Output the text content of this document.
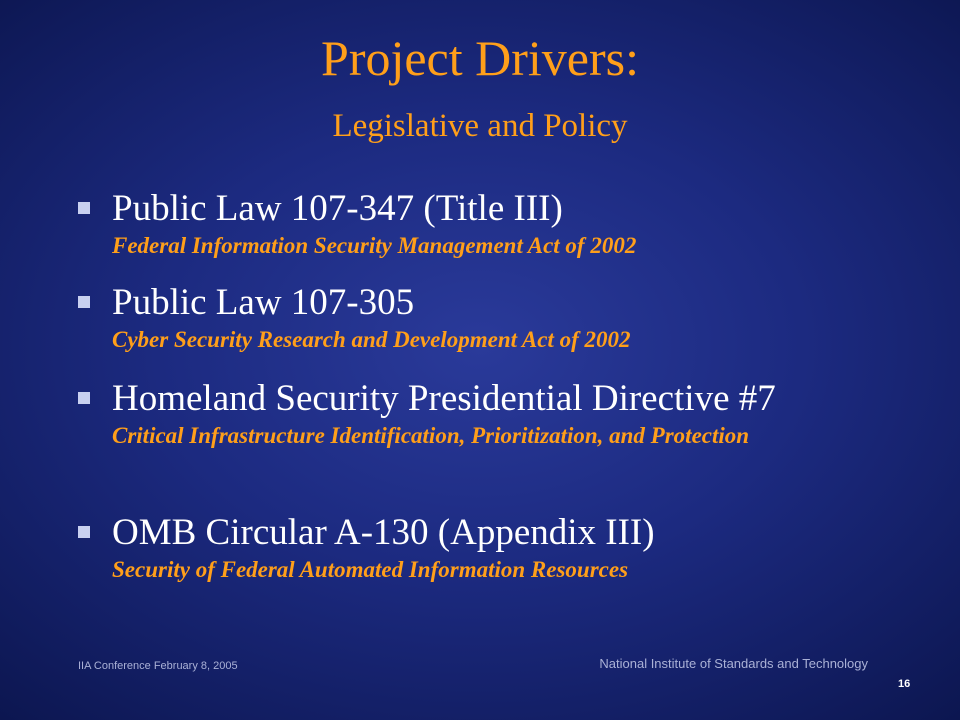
Project Drivers:
Legislative and Policy
Public Law 107-347 (Title III)
Federal Information Security Management Act of 2002
Public Law 107-305
Cyber Security Research and Development Act of 2002
Homeland Security Presidential Directive #7
Critical Infrastructure Identification, Prioritization, and Protection
OMB Circular A-130 (Appendix III)
Security of Federal Automated Information Resources
IIA Conference February 8, 2005	National Institute of Standards and Technology
16
